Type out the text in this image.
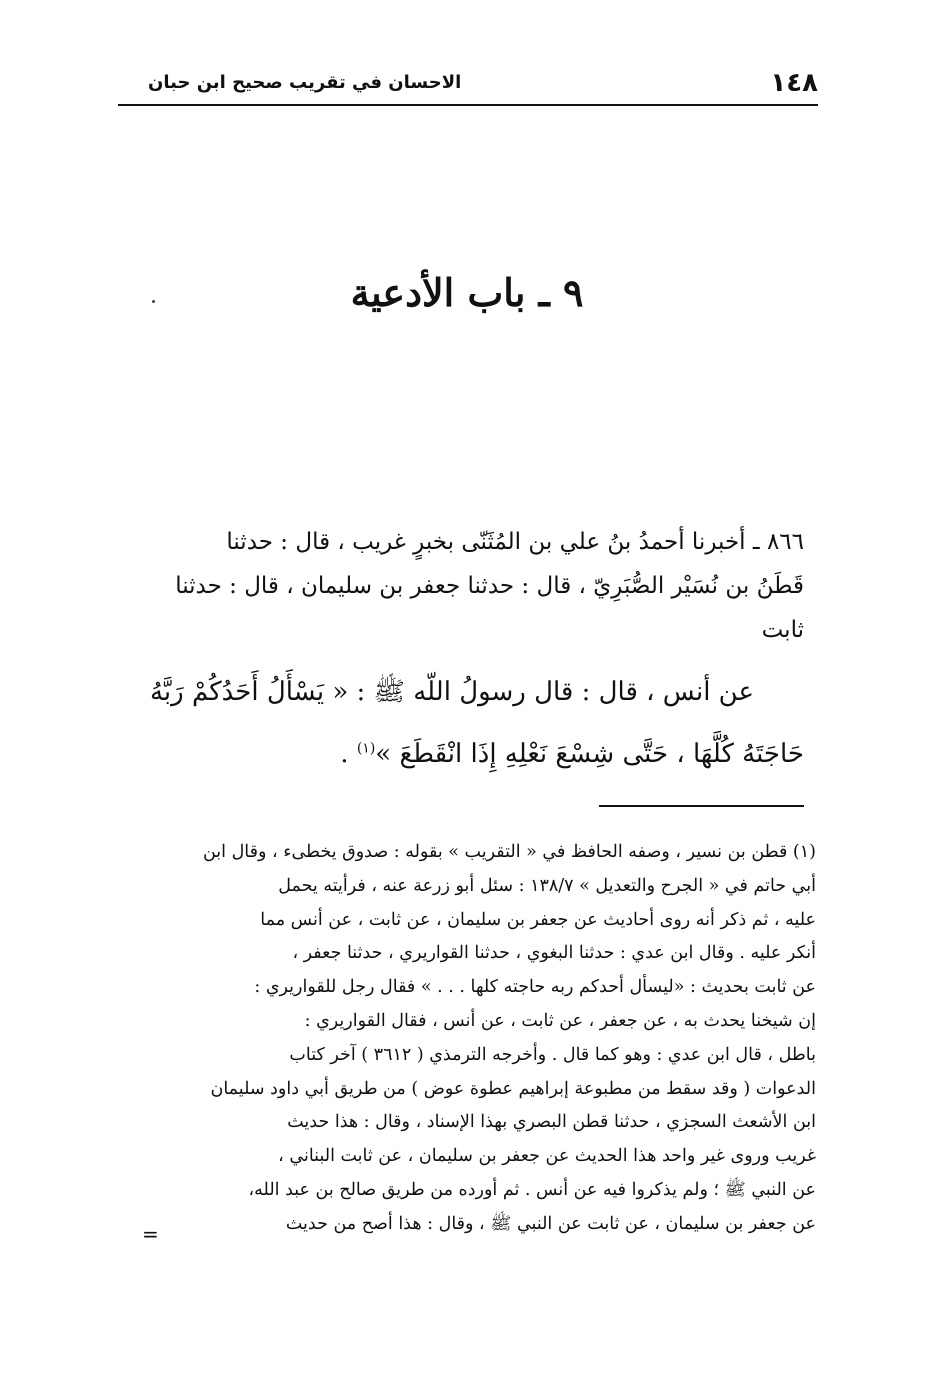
١٤٨
الاحسان في تقريب صحيح ابن حبان
٩ ـ باب الأدعية

٨٦٦ ـ أخبرنا أحمدُ بنُ علي بن المُثَنّى بخبرٍ غريب ، قال : حدثنا

قَطَنُ بن نُسَيْر الصُّبَرِيّ ، قال : حدثنا جعفر بن سليمان ، قال : حدثنا

ثابت

عن أنس ، قال : قال رسولُ اللّه ﷺ : « يَسْأَلُ أَحَدُكُمْ رَبَّهُ
حَاجَتَهُ كُلَّهَا ، حَتَّى شِسْعَ نَعْلِهِ إِذَا انْقَطَعَ »$^{(١)}$ .
(١) قطن بن نسير ، وصفه الحافظ في « التقريب » بقوله : صدوق يخطىء ، وقال ابن
أبي حاتم في « الجرح والتعديل » ١٣٨/٧ : سئل أبو زرعة عنه ، فرأيته يحمل
عليه ، ثم ذكر أنه روى أحاديث عن جعفر بن سليمان ، عن ثابت ، عن أنس مما
أنكر عليه . وقال ابن عدي : حدثنا البغوي ، حدثنا القواريري ، حدثنا جعفر ،
عن ثابت بحديث : «ليسأل أحدكم ربه حاجته كلها . . . » فقال رجل للقواريري :
إن شيخنا يحدث به ، عن جعفر ، عن ثابت ، عن أنس ، فقال القواريري :
باطل ، قال ابن عدي : وهو كما قال . وأخرجه الترمذي ( ٣٦١٢ ) آخر كتاب
الدعوات ( وقد سقط من مطبوعة إبراهيم عطوة عوض ) من طريق أبي داود سليمان
ابن الأشعث السجزي ، حدثنا قطن البصري بهذا الإسناد ، وقال : هذا حديث
غريب وروى غير واحد هذا الحديث عن جعفر بن سليمان ، عن ثابت البناني ،
عن النبي ﷺ ؛ ولم يذكروا فيه عن أنس . ثم أورده من طريق صالح بن عبد الله،
عن جعفر بن سليمان ، عن ثابت عن النبي ﷺ ، وقال : هذا أصح من حديث
=
